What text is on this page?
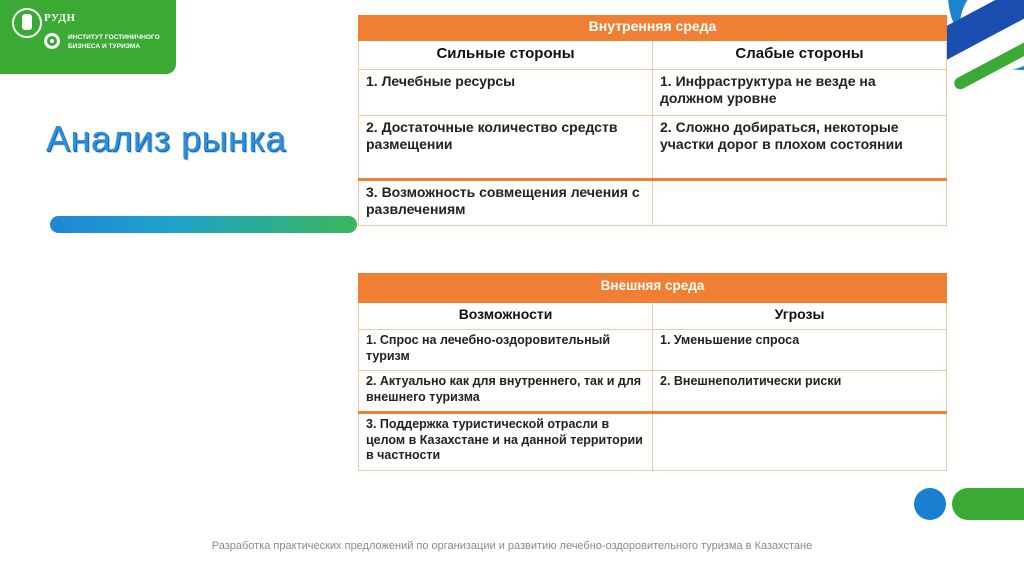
РУДН
ИНСТИТУТ ГОСТИНИЧНОГО БИЗНЕСА И ТУРИЗМА
Анализ рынка
Внутренняя среда	
Сильные стороны	Слабые стороны
1. Лечебные ресурсы	1. Инфраструктура не везде на должном уровне
2. Достаточные количество средств размещении	2. Сложно добираться, некоторые участки дорог в плохом состоянии
3. Возможность совмещения лечения с развлечениям	
Внешняя среда	
Возможности	Угрозы
1. Спрос на лечебно-оздоровительный туризм	1. Уменьшение спроса
2. Актуально как для внутреннего, так и для внешнего туризма	2. Внешнеполитически риски
3. Поддержка туристической отрасли в целом в Казахстане и на данной территории в частности	
Разработка практических предложений по организации и развитию лечебно-оздоровительного туризма в Казахстане
